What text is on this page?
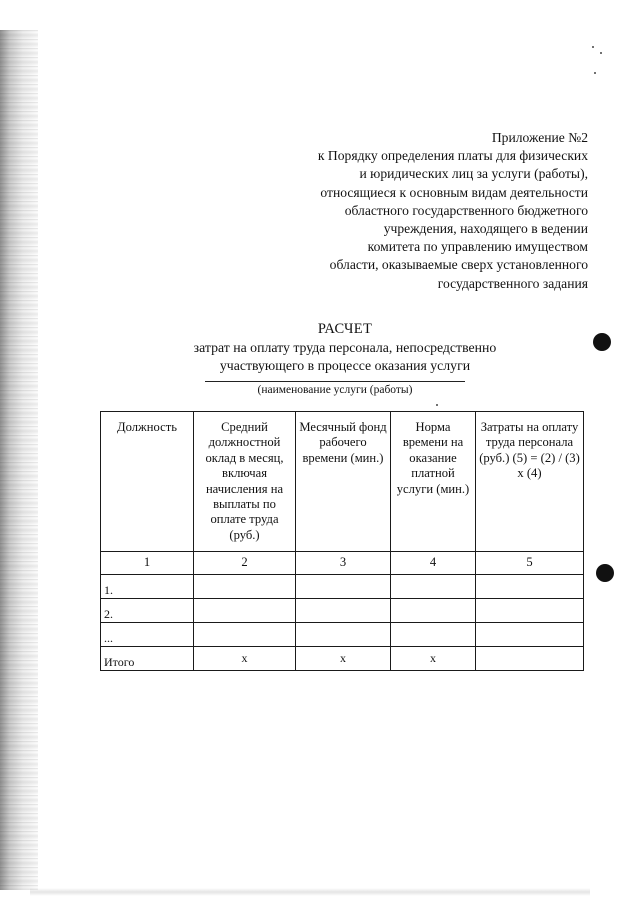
Приложение №2
к Порядку определения платы для физических
и юридических лиц за услуги (работы),
относящиеся к основным видам деятельности
областного государственного бюджетного
учреждения, находящего в ведении
комитета по управлению имуществом
области, оказываемые сверх установленного
государственного задания
РАСЧЕТ
затрат на оплату труда персонала, непосредственно
участвующего в процессе оказания услуги
(наименование услуги (работы)
Должность	Средний должностной оклад в месяц, включая начисления на выплаты по оплате труда (руб.)	Месячный фонд рабочего времени (мин.)	Норма времени на оказание платной услуги (мин.)	Затраты на оплату труда персонала (руб.) (5) = (2) / (3) х (4)
1	2	3	4	5
1.				
2.				
...				
Итого	х	х	х	
